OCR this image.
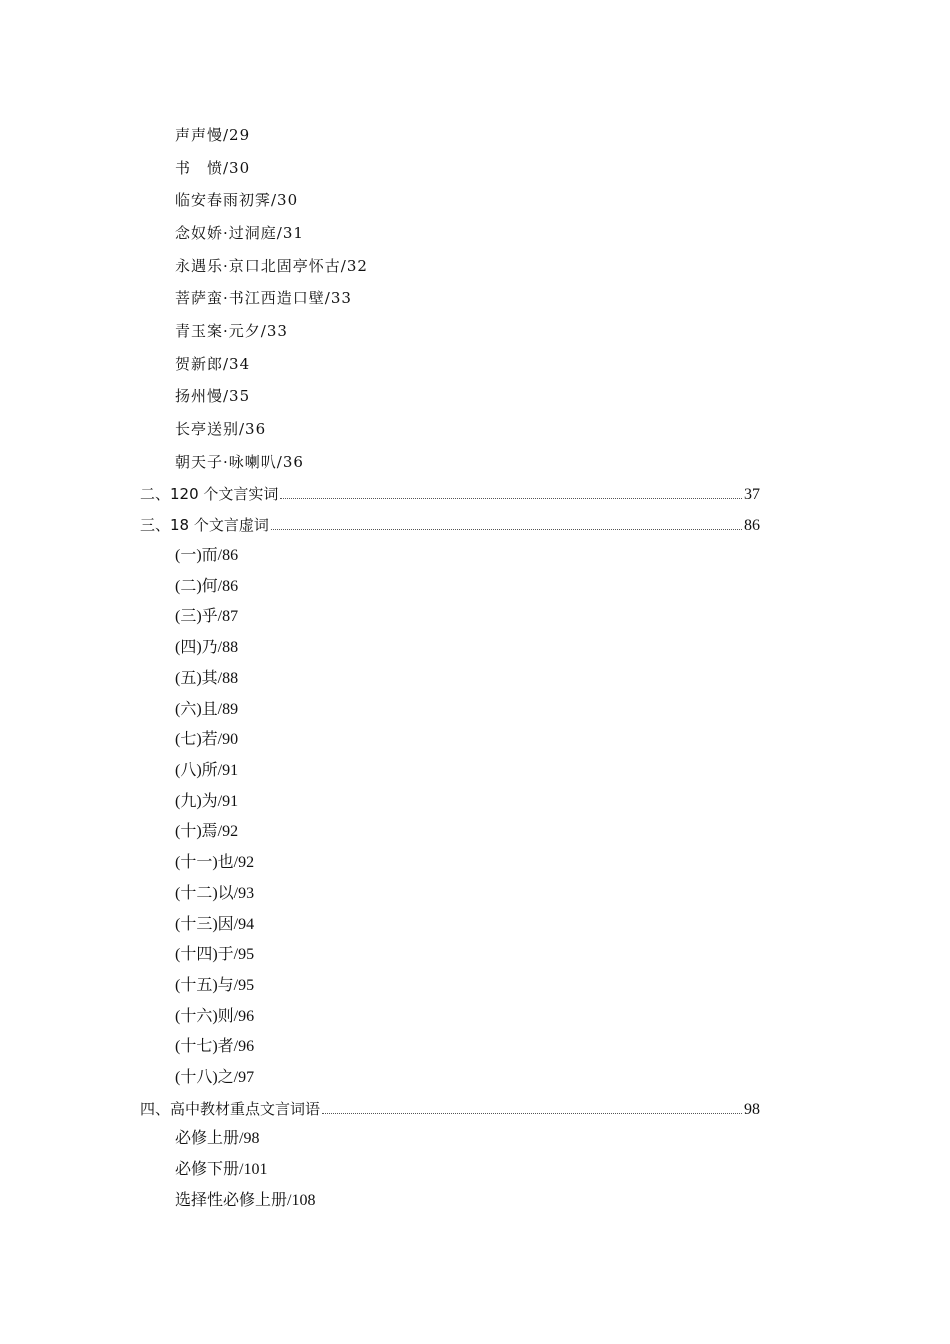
声声慢/29
书　愤/30
临安春雨初霁/30
念奴娇·过洞庭/31
永遇乐·京口北固亭怀古/32
菩萨蛮·书江西造口壁/33
青玉案·元夕/33
贺新郎/34
扬州慢/35
长亭送别/36
朝天子·咏喇叭/36
二、120 个文言实词	37
三、18 个文言虚词	86
(一)而/86
(二)何/86
(三)乎/87
(四)乃/88
(五)其/88
(六)且/89
(七)若/90
(八)所/91
(九)为/91
(十)焉/92
(十一)也/92
(十二)以/93
(十三)因/94
(十四)于/95
(十五)与/95
(十六)则/96
(十七)者/96
(十八)之/97
四、高中教材重点文言词语	98
必修上册/98
必修下册/101
选择性必修上册/108
